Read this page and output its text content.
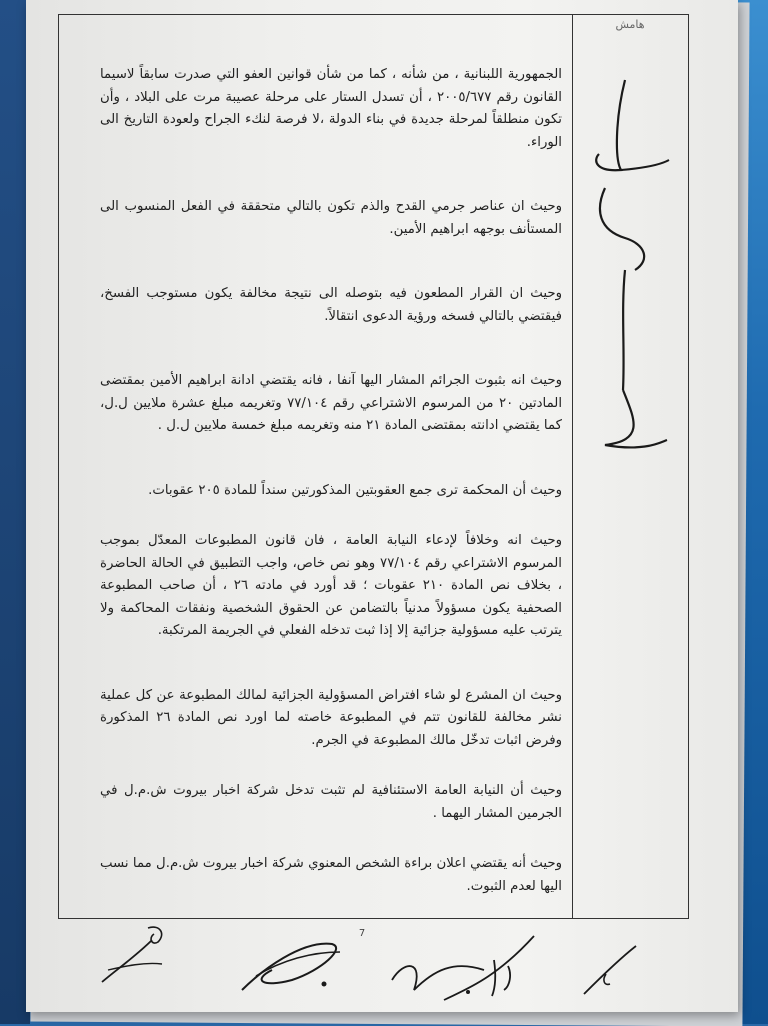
هامش

الجمهورية اللبنانية ، من شأنه ، كما من شأن قوانين العفو التي صدرت سابقاً لاسيما القانون رقم ٢٠٠٥/٦٧٧ ، أن تسدل الستار على مرحلة عصيبة مرت على البلاد ، وأن تكون منطلقاً لمرحلة جديدة في بناء الدولة ،لا فرصة لنكء الجراح ولعودة التاريخ الى الوراء.

وحيث ان عناصر جرمي القدح والذم تكون بالتالي متحققة في الفعل المنسوب الى المستأنف بوجهه ابراهيم الأمين.

وحيث ان القرار المطعون فيه بتوصله الى نتيجة مخالفة يكون مستوجب الفسخ، فيقتضي بالتالي فسخه ورؤية الدعوى انتقالاً.

وحيث انه بثبوت الجرائم المشار اليها آنفا ، فانه يقتضي ادانة ابراهيم الأمين بمقتضى المادتين ٢٠ من المرسوم الاشتراعي رقم ٧٧/١٠٤ وتغريمه مبلغ عشرة ملايين ل.ل، كما يقتضي ادانته بمقتضى المادة ٢١ منه وتغريمه مبلغ خمسة ملايين ل.ل .

وحيث أن المحكمة ترى جمع العقوبتين المذكورتين سنداً للمادة ٢٠٥ عقوبات.

وحيث انه وخلافاً لإدعاء النيابة العامة ، فان قانون المطبوعات المعدّل بموجب المرسوم الاشتراعي رقم ٧٧/١٠٤ وهو نص خاص، واجب التطبيق في الحالة الحاضرة ، بخلاف نص المادة ٢١٠ عقوبات ؛ قد أورد في مادته ٢٦ ، أن صاحب المطبوعة الصحفية يكون مسؤولاً مدنياً بالتضامن عن الحقوق الشخصية ونفقات المحاكمة ولا يترتب عليه مسؤولية جزائية إلا إذا ثبت تدخله الفعلي في الجريمة المرتكبة.

وحيث ان المشرع لو شاء افتراض المسؤولية الجزائية لمالك المطبوعة عن كل عملية نشر مخالفة للقانون تتم في المطبوعة خاصته لما اورد نص المادة ٢٦ المذكورة وفرض اثبات تدخّل مالك المطبوعة في الجرم.

وحيث أن النيابة العامة الاستئنافية لم تثبت تدخل شركة اخبار بيروت ش.م.ل في الجرمين المشار اليهما .

وحيث أنه يقتضي اعلان براءة الشخص المعنوي شركة اخبار بيروت ش.م.ل مما نسب اليها لعدم الثبوت.

7
